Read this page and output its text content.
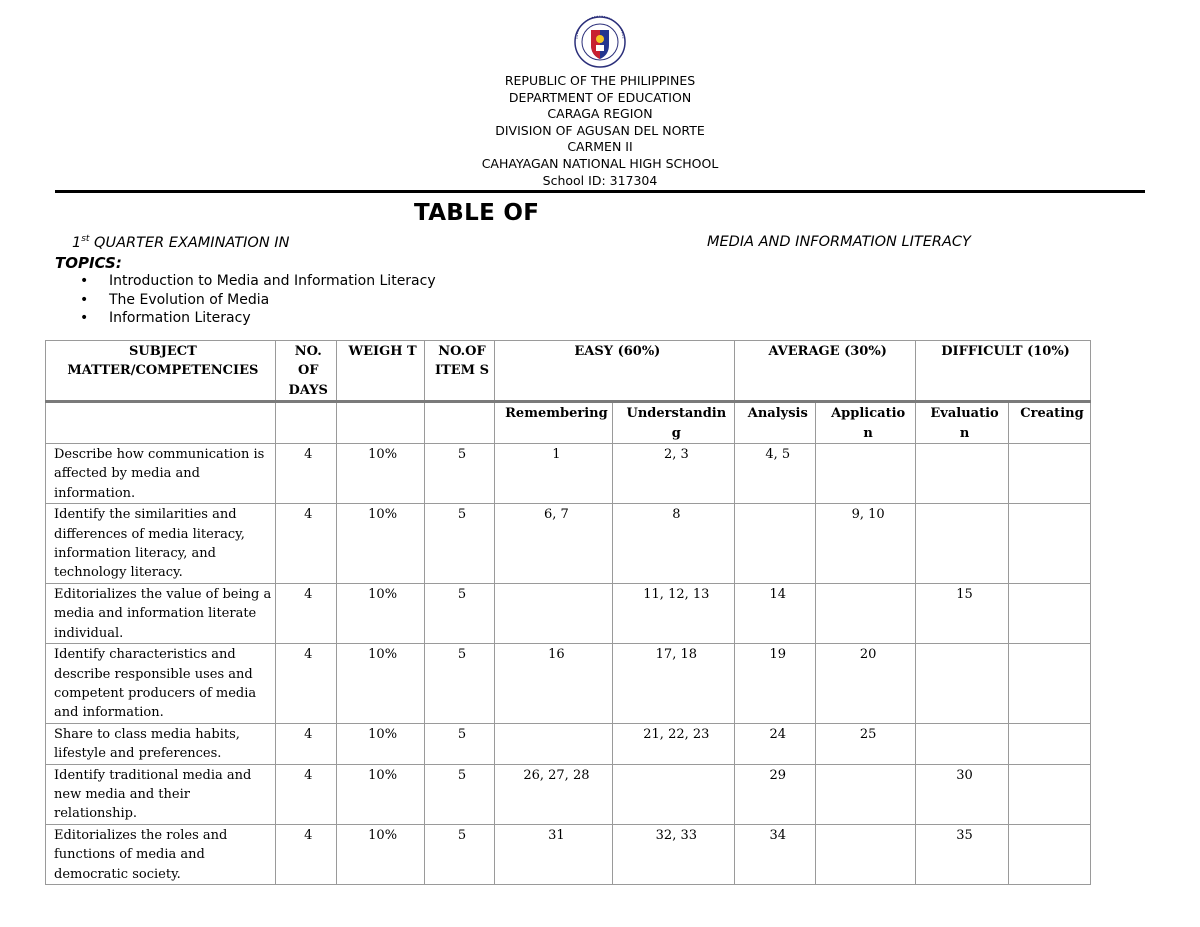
REPUBLIC OF THE PHILIPPINES
DEPARTMENT OF EDUCATION
CARAGA REGION
DIVISION OF AGUSAN DEL NORTE
CARMEN II
CAHAYAGAN NATIONAL HIGH SCHOOL
School ID: 317304
TABLE OF
1st QUARTER EXAMINATION IN	MEDIA AND INFORMATION LITERACY
TOPICS:
• Introduction to Media and Information Literacy
• The Evolution of Media
• Information Literacy
SUBJECT MATTER/COMPETENCIES	NO. OF DAYS	WEIGH T	NO.OF ITEM S	EASY (60%)		AVERAGE (30%)		DIFFICULT (10%)	
				Remembering	Understandin g	Analysis	Applicatio n	Evaluatio n	Creating
Describe how communication is affected by media and information.	4	10%	5	1	2, 3	4, 5			
Identify the similarities and differences of media literacy, information literacy, and technology literacy.	4	10%	5	6, 7	8		9, 10		
Editorializes the value of being a media and information literate individual.	4	10%	5		11, 12, 13	14		15	
Identify characteristics and describe responsible uses and competent producers of media and information.	4	10%	5	16	17, 18	19	20		
Share to class media habits, lifestyle and preferences.	4	10%	5		21, 22, 23	24	25		
Identify traditional media and new media and their relationship.	4	10%	5	26, 27, 28		29		30	
Editorializes the roles and functions of media and democratic society.	4	10%	5	31	32, 33	34		35	
